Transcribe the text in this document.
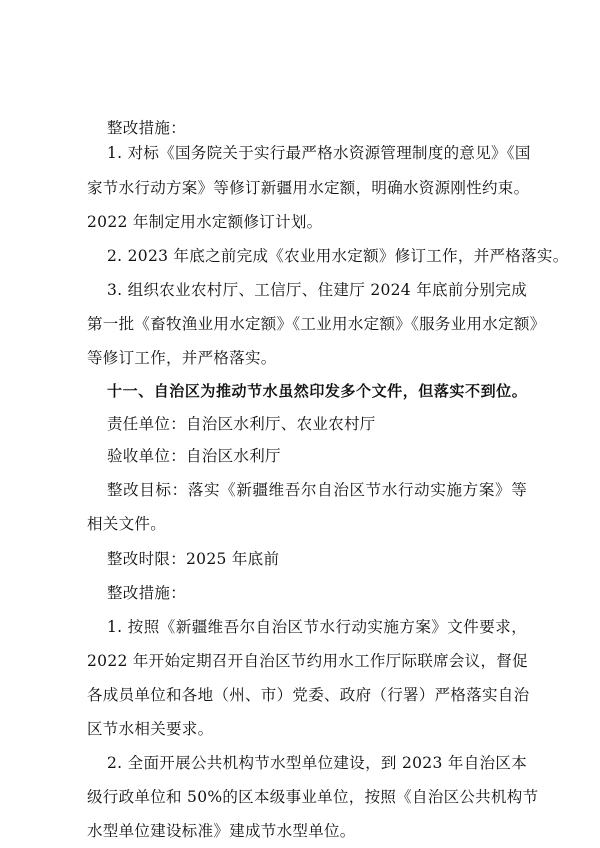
整改措施：
1. 对标《国务院关于实行最严格水资源管理制度的意见》《国
家节水行动方案》等修订新疆用水定额，明确水资源刚性约束。
2022 年制定用水定额修订计划。
2. 2023 年底之前完成《农业用水定额》修订工作，并严格落实。
3. 组织农业农村厅、工信厅、住建厅 2024 年底前分别完成
第一批《畜牧渔业用水定额》《工业用水定额》《服务业用水定额》
等修订工作，并严格落实。
十一、自治区为推动节水虽然印发多个文件，但落实不到位。
责任单位：自治区水利厅、农业农村厅
验收单位：自治区水利厅
整改目标：落实《新疆维吾尔自治区节水行动实施方案》等
相关文件。
整改时限：2025 年底前
整改措施：
1. 按照《新疆维吾尔自治区节水行动实施方案》文件要求，
2022 年开始定期召开自治区节约用水工作厅际联席会议，督促
各成员单位和各地（州、市）党委、政府（行署）严格落实自治
区节水相关要求。
2. 全面开展公共机构节水型单位建设，到 2023 年自治区本
级行政单位和 50%的区本级事业单位，按照《自治区公共机构节
水型单位建设标准》建成节水型单位。
